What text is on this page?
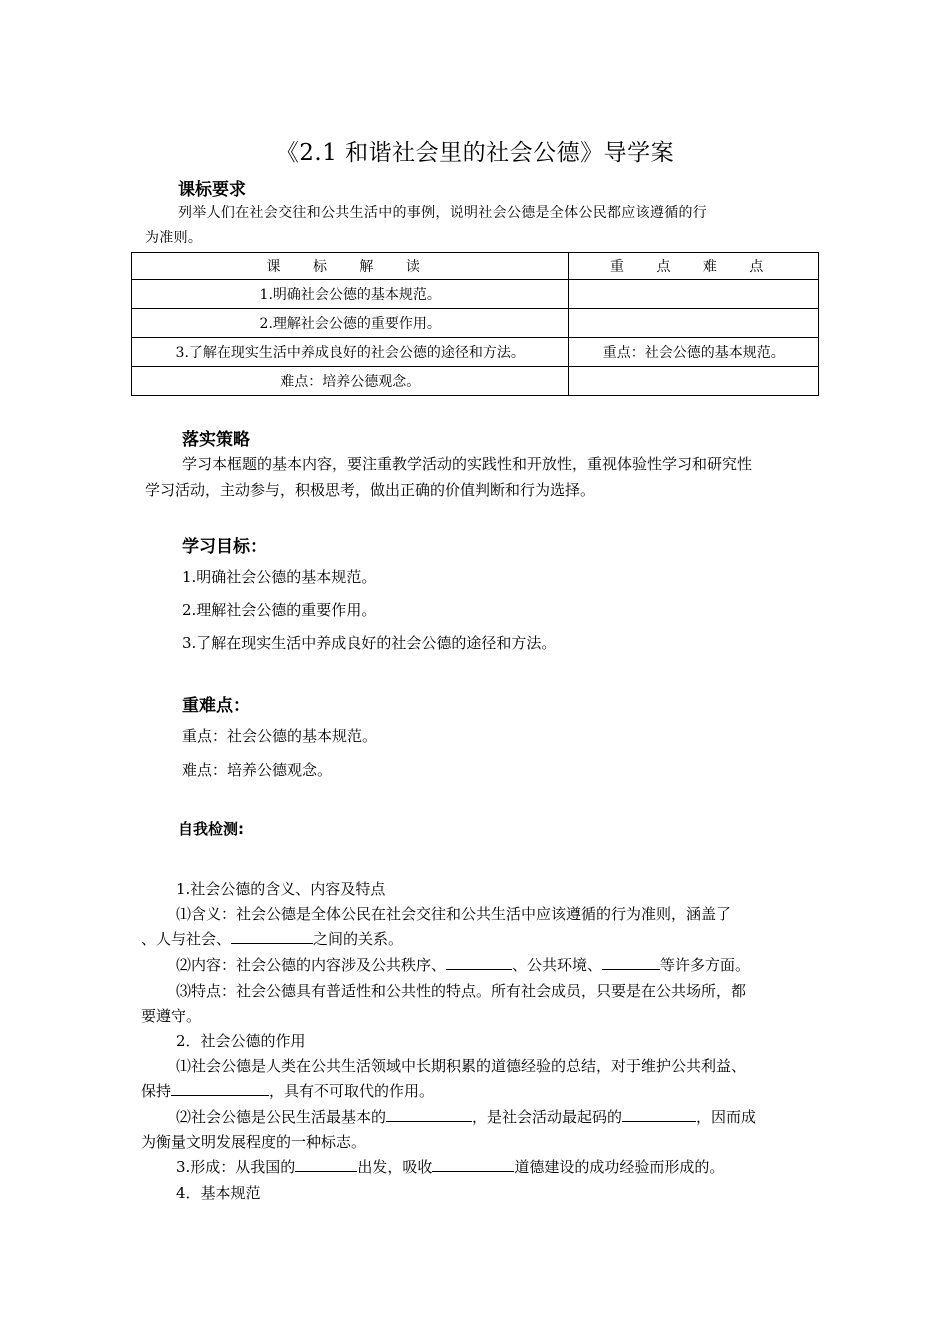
《2.1 和谐社会里的社会公德》导学案
课标要求
列举人们在社会交往和公共生活中的事例，说明社会公德是全体公民都应该遵循的行
为准则。
课 标 解 读	重 点 难 点
1.明确社会公德的基本规范。	
2.理解社会公德的重要作用。	
3.了解在现实生活中养成良好的社会公德的途径和方法。	重点：社会公德的基本规范。
难点：培养公德观念。	
落实策略
学习本框题的基本内容，要注重教学活动的实践性和开放性，重视体验性学习和研究性
学习活动，主动参与，积极思考，做出正确的价值判断和行为选择。
学习目标：
1.明确社会公德的基本规范。
2.理解社会公德的重要作用。
3.了解在现实生活中养成良好的社会公德的途径和方法。
重难点：
重点：社会公德的基本规范。
难点：培养公德观念。
自我检测:
1.社会公德的含义、内容及特点
⑴含义：社会公德是全体公民在社会交往和公共生活中应该遵循的行为准则，涵盖了
、人与社会、	之间的关系。
⑵内容：社会公德的内容涉及公共秩序、	、公共环境、	等许多方面。
⑶特点：社会公德具有普适性和公共性的特点。所有社会成员，只要是在公共场所，都
要遵守。
2．社会公德的作用
⑴社会公德是人类在公共生活领域中长期积累的道德经验的总结，对于维护公共利益、
保持	，具有不可取代的作用。
⑵社会公德是公民生活最基本的	，是社会活动最起码的	，因而成
为衡量文明发展程度的一种标志。
3.形成：从我国的	出发，吸收	道德建设的成功经验而形成的。
4．基本规范
